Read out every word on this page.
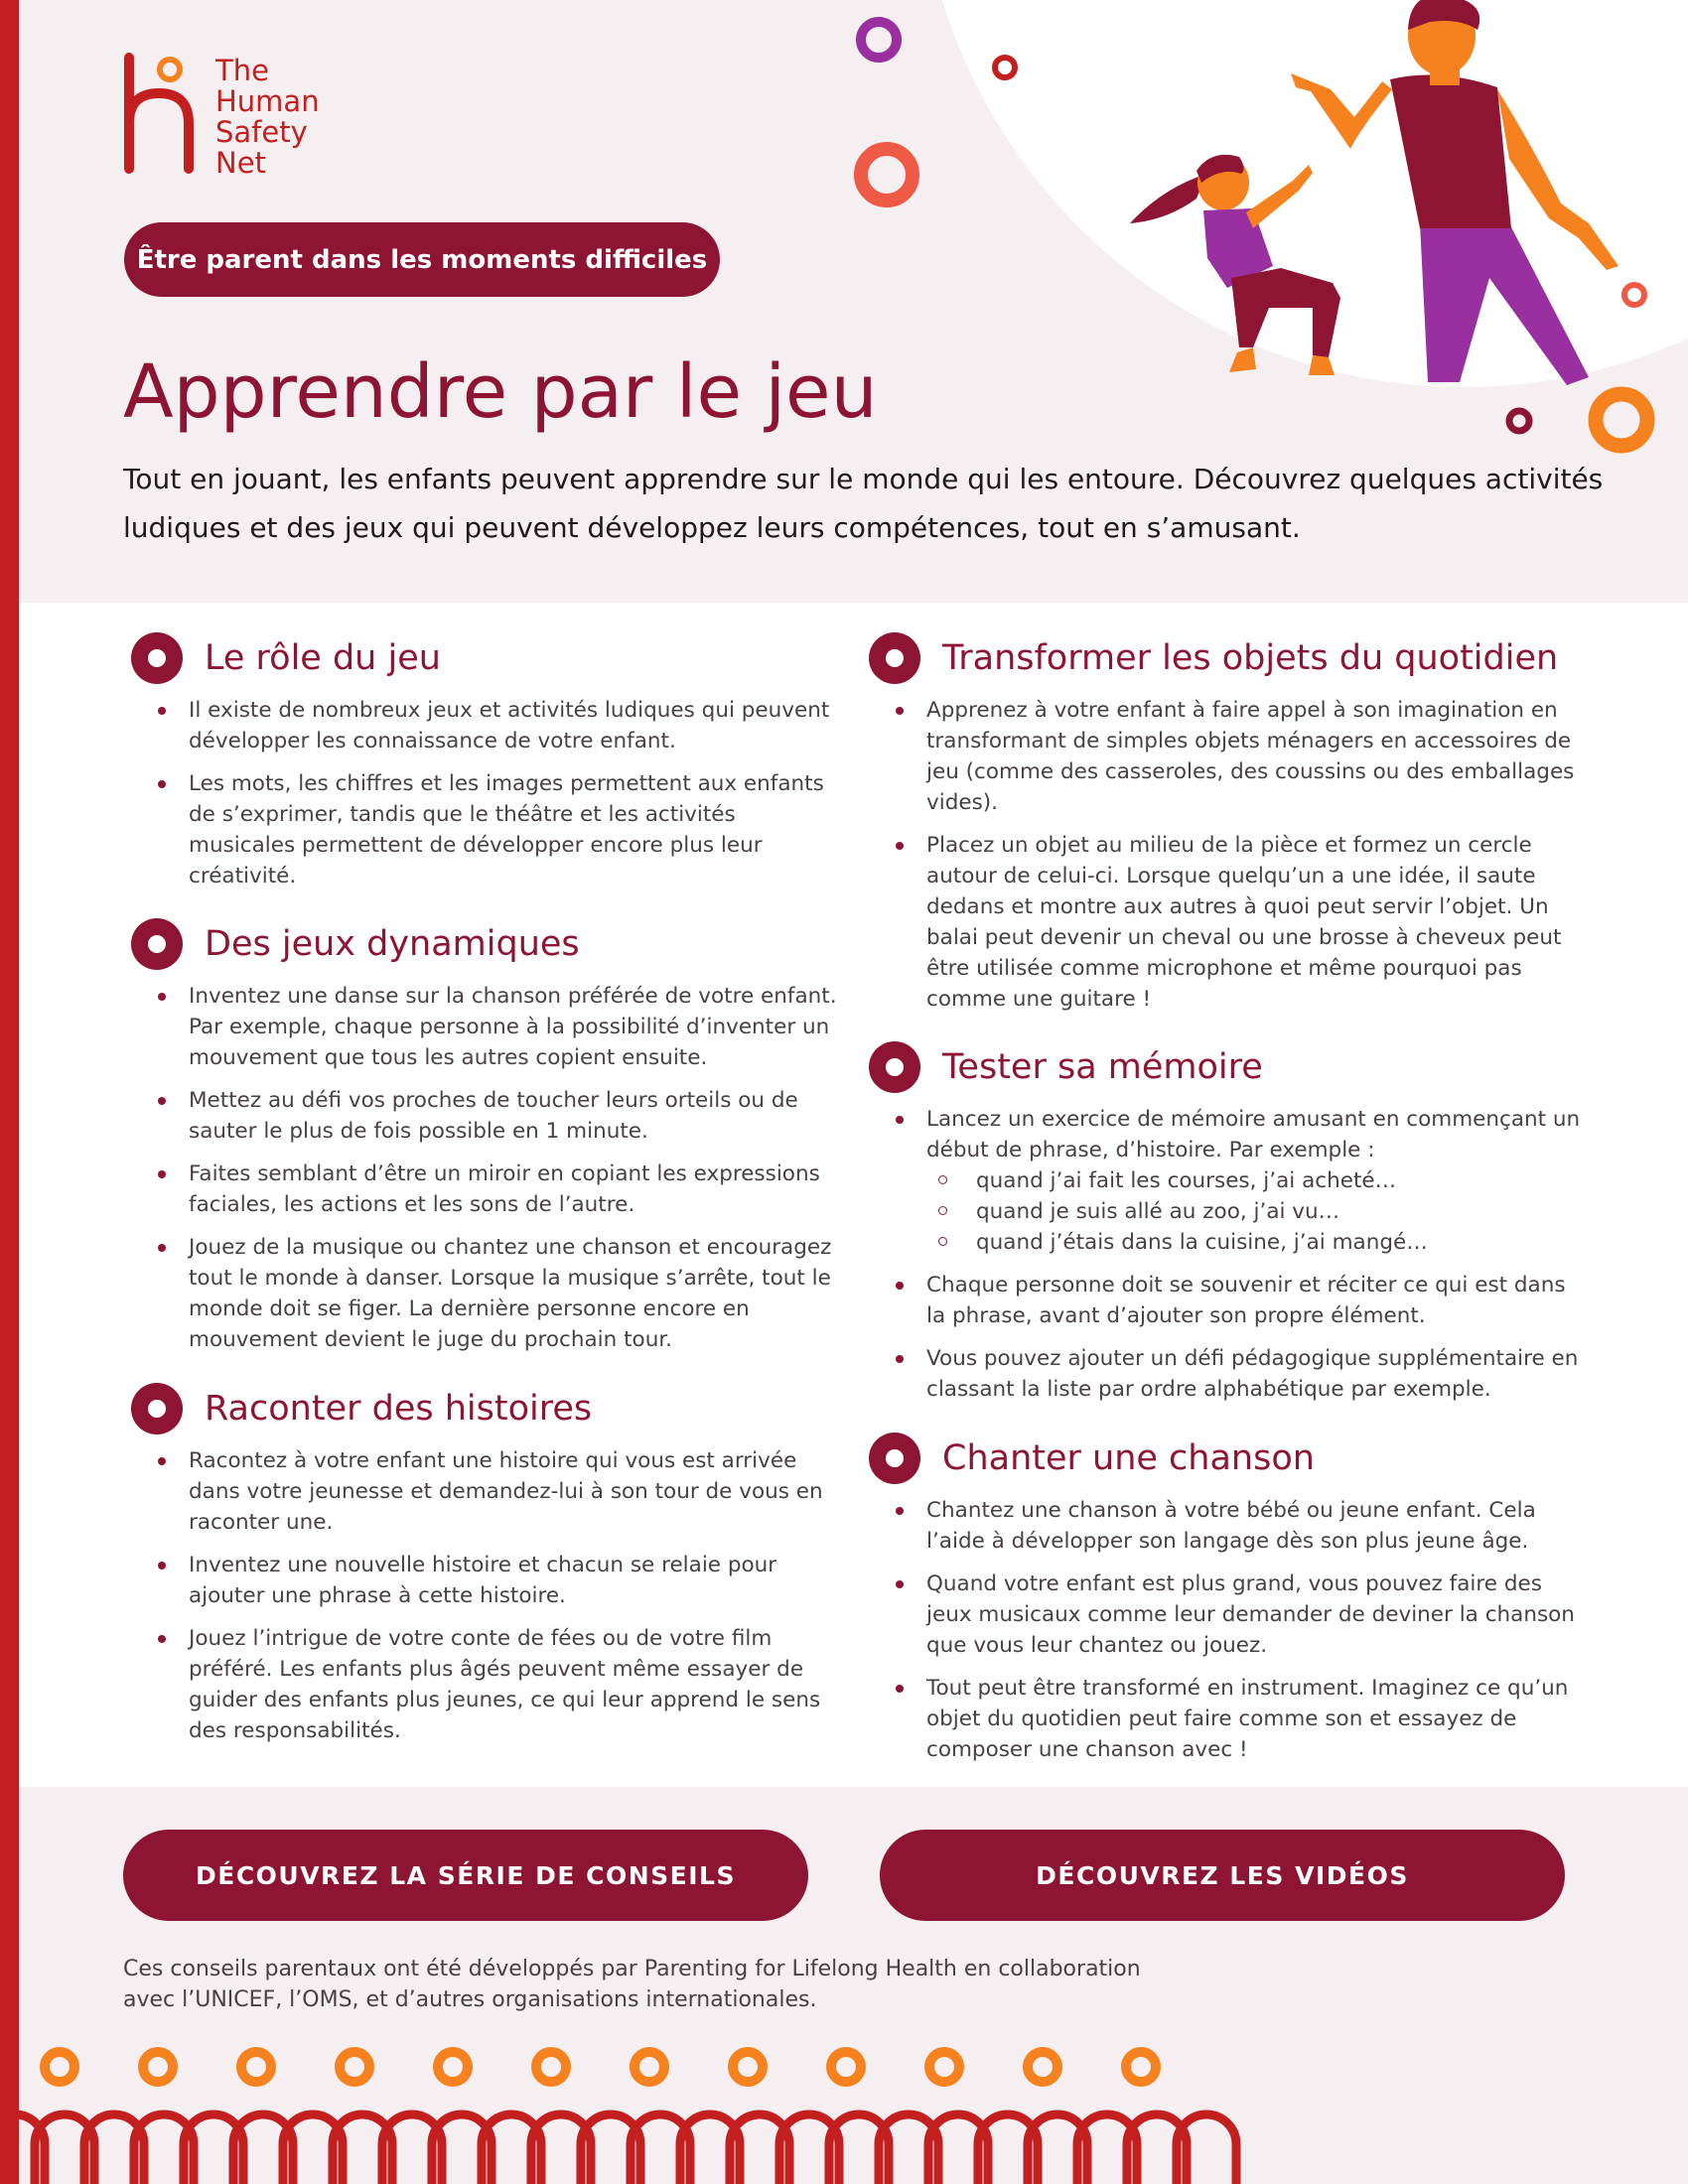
The
Human
Safety
Net
Être parent dans les moments difficiles
Apprendre par le jeu
Tout en jouant, les enfants peuvent apprendre sur le monde qui les entoure. Découvrez quelques activités ludiques et des jeux qui peuvent développez leurs compétences, tout en s’amusant.
Le rôle du jeu
Il existe de nombreux jeux et activités ludiques qui peuvent développer les connaissance de votre enfant.
Les mots, les chiffres et les images permettent aux enfants de s’exprimer, tandis que le théâtre et les activités musicales permettent de développer encore plus leur créativité.
Des jeux dynamiques
Inventez une danse sur la chanson préférée de votre enfant. Par exemple, chaque personne à la possibilité d’inventer un mouvement que tous les autres copient ensuite.
Mettez au défi vos proches de toucher leurs orteils ou de sauter le plus de fois possible en 1 minute.
Faites semblant d’être un miroir en copiant les expressions faciales, les actions et les sons de l’autre.
Jouez de la musique ou chantez une chanson et encouragez tout le monde à danser. Lorsque la musique s’arrête, tout le monde doit se figer. La dernière personne encore en mouvement devient le juge du prochain tour.
Raconter des histoires
Racontez à votre enfant une histoire qui vous est arrivée dans votre jeunesse et demandez-lui à son tour de vous en raconter une.
Inventez une nouvelle histoire et chacun se relaie pour ajouter une phrase à cette histoire.
Jouez l’intrigue de votre conte de fées ou de votre film préféré. Les enfants plus âgés peuvent même essayer de guider des enfants plus jeunes, ce qui leur apprend le sens des responsabilités.
Transformer les objets du quotidien
Apprenez à votre enfant à faire appel à son imagination en transformant de simples objets ménagers en accessoires de jeu (comme des casseroles, des coussins ou des emballages vides).
Placez un objet au milieu de la pièce et formez un cercle autour de celui-ci. Lorsque quelqu’un a une idée, il saute dedans et montre aux autres à quoi peut servir l’objet. Un balai peut devenir un cheval ou une brosse à cheveux peut être utilisée comme microphone et même pourquoi pas comme une guitare !
Tester sa mémoire
Lancez un exercice de mémoire amusant en commençant un début de phrase, d’histoire. Par exemple :
quand j’ai fait les courses, j’ai acheté…
quand je suis allé au zoo, j’ai vu…
quand j’étais dans la cuisine, j’ai mangé…
Chaque personne doit se souvenir et réciter ce qui est dans la phrase, avant d’ajouter son propre élément.
Vous pouvez ajouter un défi pédagogique supplémentaire en classant la liste par ordre alphabétique par exemple.
Chanter une chanson
Chantez une chanson à votre bébé ou jeune enfant. Cela l’aide à développer son langage dès son plus jeune âge.
Quand votre enfant est plus grand, vous pouvez faire des jeux musicaux comme leur demander de deviner la chanson que vous leur chantez ou jouez.
Tout peut être transformé en instrument. Imaginez ce qu’un objet du quotidien peut faire comme son et essayez de composer une chanson avec !
DÉCOUVREZ LA SÉRIE DE CONSEILS	DÉCOUVREZ LES VIDÉOS
Ces conseils parentaux ont été développés par Parenting for Lifelong Health en collaboration
avec l’UNICEF, l’OMS, et d’autres organisations internationales.
